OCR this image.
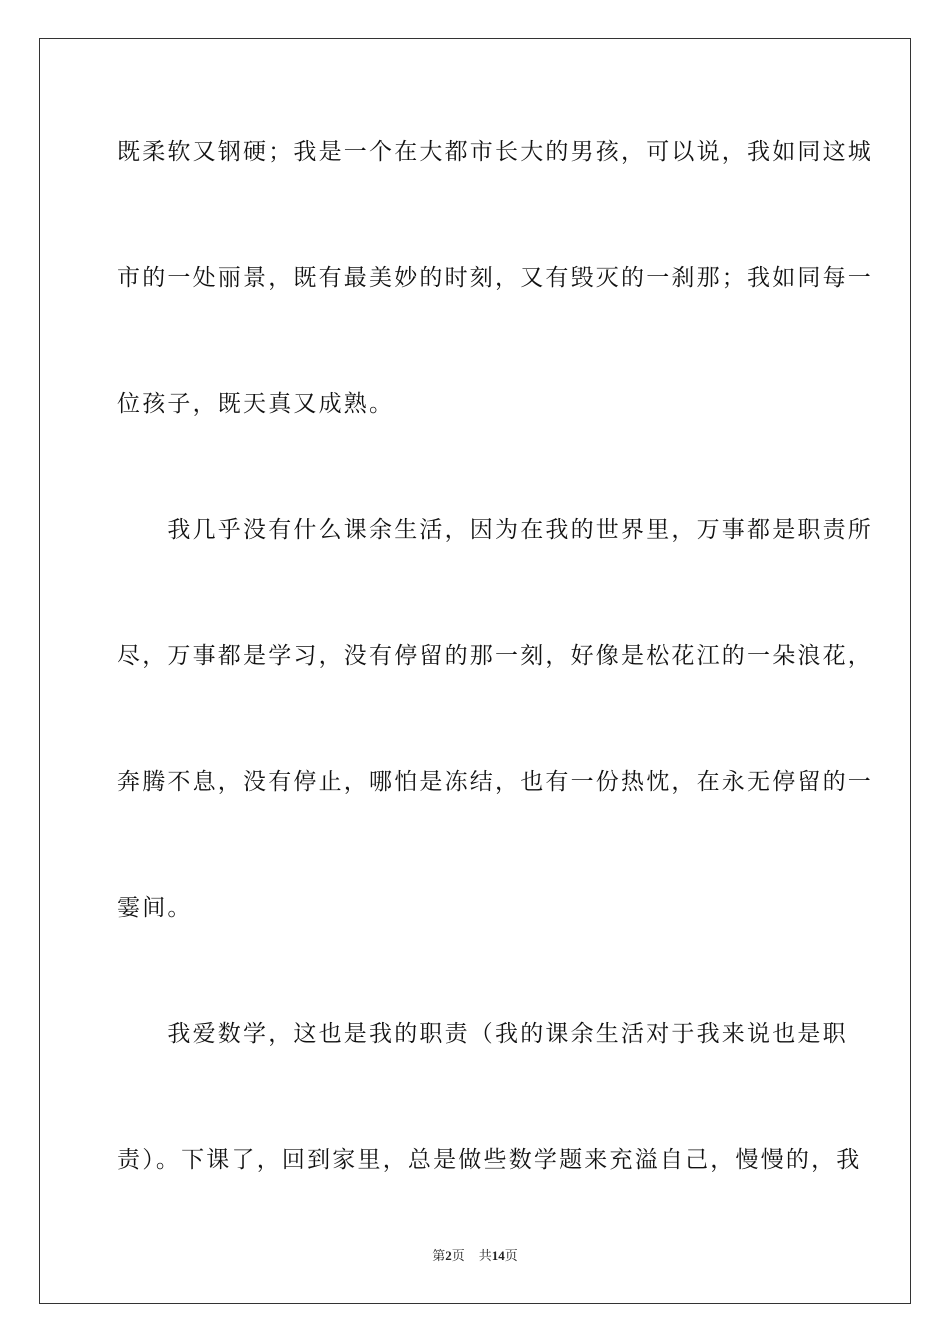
既柔软又钢硬；我是一个在大都市长大的男孩，可以说，我如同这城
市的一处丽景，既有最美妙的时刻，又有毁灭的一刹那；我如同每一
位孩子，既天真又成熟。
　　我几乎没有什么课余生活，因为在我的世界里，万事都是职责所
尽，万事都是学习，没有停留的那一刻，好像是松花江的一朵浪花，
奔腾不息，没有停止，哪怕是冻结，也有一份热忱，在永无停留的一
霎间。
　　我爱数学，这也是我的职责（我的课余生活对于我来说也是职
责）。下课了，回到家里，总是做些数学题来充溢自己，慢慢的，我
第2页 共14页
